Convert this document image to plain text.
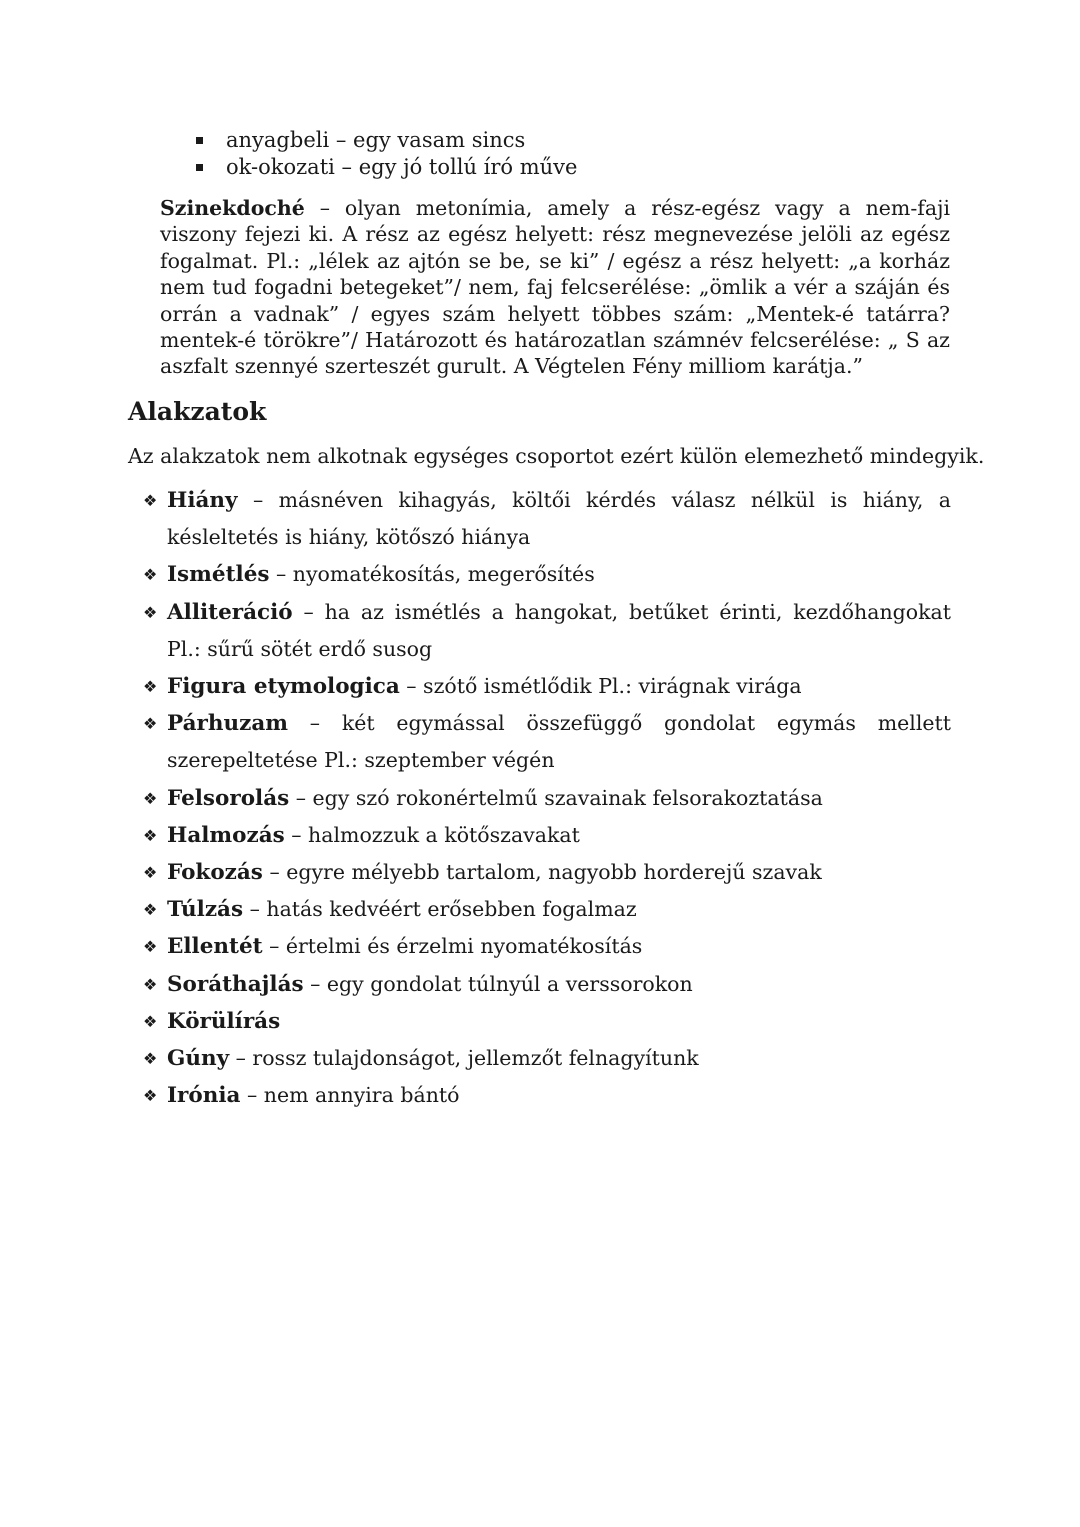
anyagbeli – egy vasam sincs
ok-okozati – egy jó tollú író műve

Szinekdoché – olyan metonímia, amely a rész-egész vagy a nem-faji viszony fejezi ki. A rész az egész helyett: rész megnevezése jelöli az egész fogalmat. Pl.: „lélek az ajtón se be, se ki” / egész a rész helyett: „a korház nem tud fogadni betegeket”/ nem, faj felcserélése: „ömlik a vér a száján és orrán a vadnak” / egyes szám helyett többes szám: „Mentek-é tatárra? mentek-é törökre”/ Határozott és határozatlan számnév felcserélése: „ S az aszfalt szennyé szerteszét gurult. A Végtelen Fény milliom karátja.”

Alakzatok

Az alakzatok nem alkotnak egységes csoportot ezért külön elemezhető mindegyik.

❖ Hiány – másnéven kihagyás, költői kérdés válasz nélkül is hiány, a késleltetés is hiány, kötőszó hiánya
❖ Ismétlés – nyomatékosítás, megerősítés
❖ Alliteráció – ha az ismétlés a hangokat, betűket érinti, kezdőhangokat Pl.: sűrű sötét erdő susog
❖ Figura etymologica – szótő ismétlődik Pl.: virágnak virága
❖ Párhuzam – két egymással összefüggő gondolat egymás mellett szerepeltetése Pl.: szeptember végén
❖ Felsorolás – egy szó rokonértelmű szavainak felsorakoztatása
❖ Halmozás – halmozzuk a kötőszavakat
❖ Fokozás – egyre mélyebb tartalom, nagyobb horderejű szavak
❖ Túlzás – hatás kedvéért erősebben fogalmaz
❖ Ellentét – értelmi és érzelmi nyomatékosítás
❖ Soráthajlás – egy gondolat túlnyúl a verssorokon
❖ Körülírás
❖ Gúny – rossz tulajdonságot, jellemzőt felnagyítunk
❖ Irónia – nem annyira bántó
